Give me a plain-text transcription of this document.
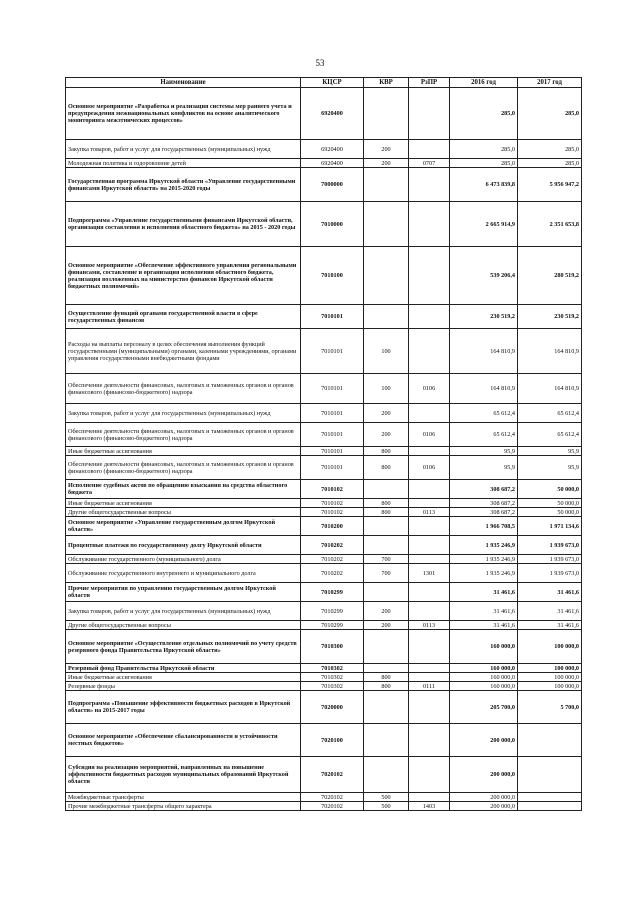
53
Наименование	КЦСР	КВР	РзПР	2016 год	2017 год
Основное мероприятие «Разработка и реализация системы мер раннего учета и предупреждения межнациональных конфликтов на основе аналитического мониторинга межэтнических процессов»	6920400			285,0	285,0
Закупка товаров, работ и услуг для государственных (муниципальных) нужд	6920400	200		285,0	285,0
Молодежная политика и оздоровление детей	6920400	200	0707	285,0	285,0
Государственная программа Иркутской области «Управление государственными финансами Иркутской области» на 2015-2020 годы	7000000			6 473 839,8	5 956 947,2
Подпрограмма «Управление государственными финансами Иркутской области, организация составления и исполнения областного бюджета» на 2015 - 2020 годы	7010000			2 665 914,9	2 351 653,8
Основное мероприятие «Обеспечение эффективного управления региональными финансами, составление и организация исполнения областного бюджета, реализация возложенных на министерство финансов Иркутской области бюджетных полномочий»	7010100			539 206,4	280 519,2
Осуществление функций органами государственной власти в сфере государственных финансов	7010101			230 519,2	230 519,2
Расходы на выплаты персоналу в целях обеспечения выполнения функций государственными (муниципальными) органами, казенными учреждениями, органами управления государственными внебюджетными фондами	7010101	100		164 810,9	164 810,9
Обеспечение деятельности финансовых, налоговых и таможенных органов и органов финансового (финансово-бюджетного) надзора	7010101	100	0106	164 810,9	164 810,9
Закупка товаров, работ и услуг для государственных (муниципальных) нужд	7010101	200		65 612,4	65 612,4
Обеспечение деятельности финансовых, налоговых и таможенных органов и органов финансового (финансово-бюджетного) надзора	7010101	200	0106	65 612,4	65 612,4
Иные бюджетные ассигнования	7010101	800		95,9	95,9
Обеспечение деятельности финансовых, налоговых и таможенных органов и органов финансового (финансово-бюджетного) надзора	7010101	800	0106	95,9	95,9
Исполнение судебных актов по обращению взыскания на средства областного бюджета	7010102			308 687,2	50 000,0
Иные бюджетные ассигнования	7010102	800		308 687,2	50 000,0
Другие общегосударственные вопросы	7010102	800	0113	308 687,2	50 000,0
Основное мероприятие «Управление государственным долгом Иркутской области»	7010200			1 966 708,5	1 971 134,6
Процентные платежи по государственному долгу Иркутской области	7010202			1 935 246,9	1 939 673,0
Обслуживание государственного (муниципального) долга	7010202	700		1 935 246,9	1 939 673,0
Обслуживание государственного внутреннего и муниципального долга	7010202	700	1301	1 935 246,9	1 939 673,0
Прочие мероприятия по управлению государственным долгом Иркутской области	7010299			31 461,6	31 461,6
Закупка товаров, работ и услуг для государственных (муниципальных) нужд	7010299	200		31 461,6	31 461,6
Другие общегосударственные вопросы	7010299	200	0113	31 461,6	31 461,6
Основное мероприятие «Осуществление отдельных полномочий по учету средств резервного фонда Правительства Иркутской области»	7010300			160 000,0	100 000,0
Резервный фонд Правительства Иркутской области	7010302			160 000,0	100 000,0
Иные бюджетные ассигнования	7010302	800		160 000,0	100 000,0
Резервные фонды	7010302	800	0111	160 000,0	100 000,0
Подпрограмма «Повышение эффективности бюджетных расходов в Иркутской области» на 2015-2017 годы	7020000			205 700,0	5 700,0
Основное мероприятие «Обеспечение сбалансированности и устойчивости местных бюджетов»	7020100			200 000,0	
Субсидия на реализацию мероприятий, направленных на повышение эффективности бюджетных расходов муниципальных образований Иркутской области	7020102			200 000,0	
Межбюджетные трансферты	7020102	500		200 000,0	
Прочие межбюджетные трансферты общего характера	7020102	500	1403	200 000,0	
